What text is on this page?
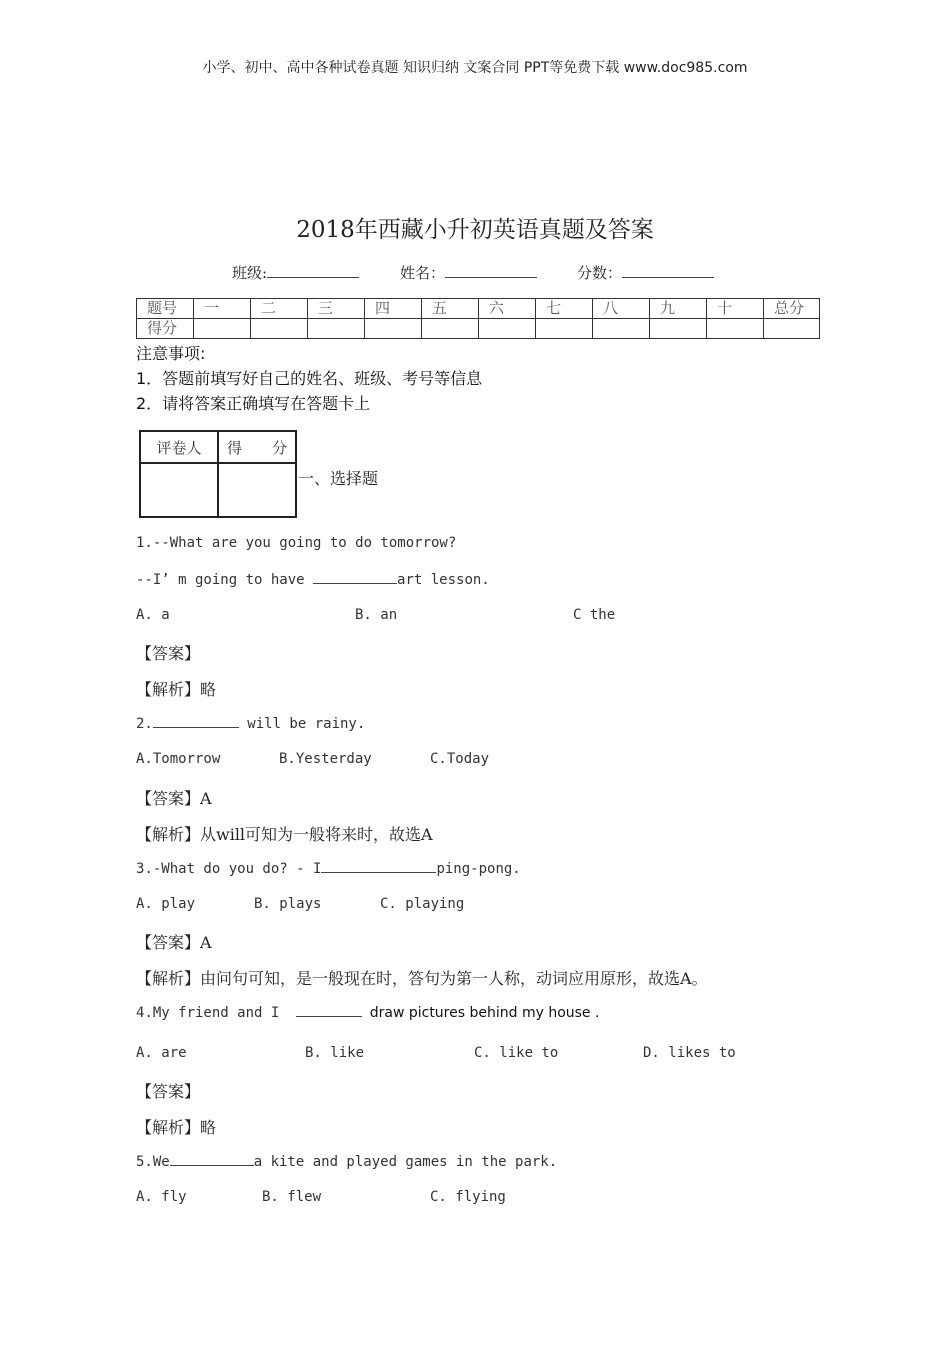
小学、初中、高中各种试卷真题 知识归纳 文案合同 PPT等免费下载 www.doc985.com
2018年西藏小升初英语真题及答案
班级:	姓名：	分数：
题号	一	二	三	四	五	六	七	八	九	十	总分
得分											
注意事项:
1．答题前填写好自己的姓名、班级、考号等信息
2．请将答案正确填写在答题卡上
评卷人	得　　分

一、选择题
1.--What are you going to do tomorrow?
--I’ m going to have	art lesson.
A. a	B. an	C the
【答案】
【解析】略
2.	will be rainy.
A.Tomorrow	B.Yesterday	C.Today
【答案】A
【解析】从will可知为一般将来时，故选A
3.-What do you do? - I	ping-pong.
A. play	B. plays	C. playing
【答案】A
【解析】由问句可知，是一般现在时，答句为第一人称，动词应用原形，故选A。
4.My friend and I	draw pictures behind my house .
A. are	B. like	C. like to	D. likes to
【答案】
【解析】略
5.We	a kite and played games in the park.
A. fly	B. flew	C. flying
